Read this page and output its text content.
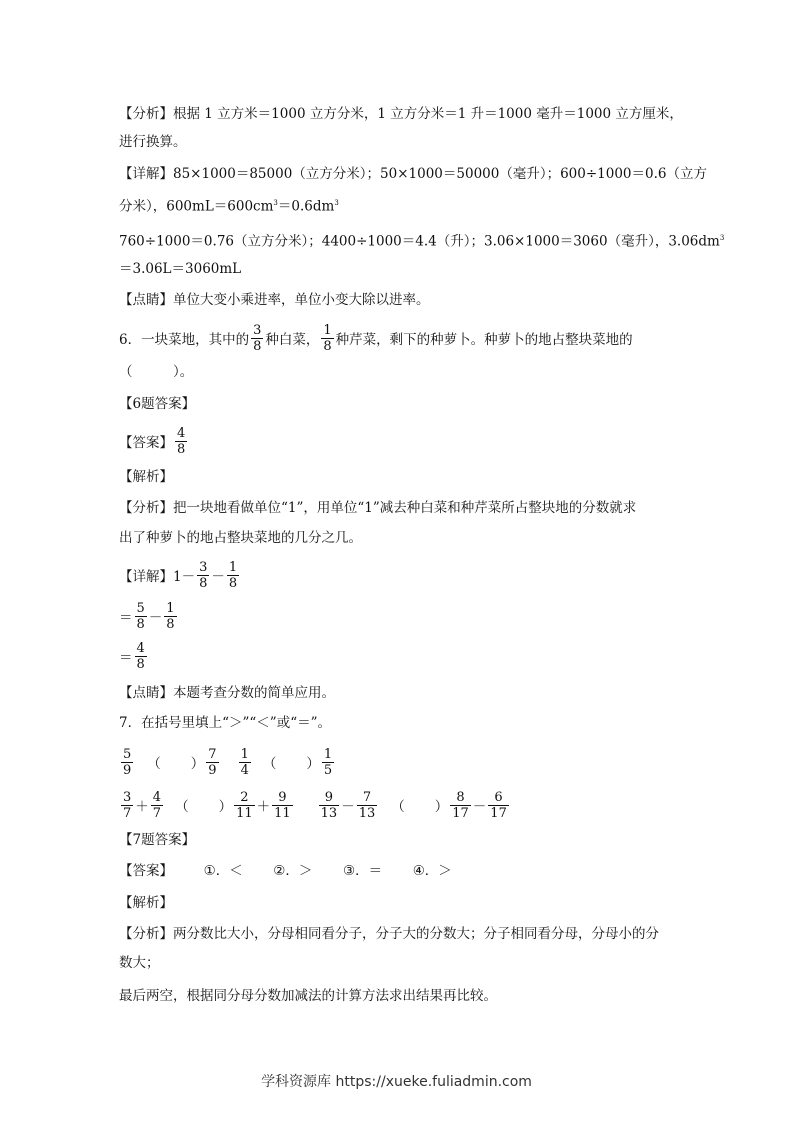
【分析】根据 1 立方米＝1000 立方分米，1 立方分米＝1 升＝1000 毫升＝1000 立方厘米，
进行换算。
【详解】85×1000＝85000（立方分米）；50×1000＝50000（毫升）；600÷1000＝0.6（立方
分米），$600mL=600cm^3=0.6dm^3$
760÷1000＝0.76（立方分米）；4400÷1000＝4.4（升）；3.06×1000＝3060（毫升），$3.06dm^3$
＝3.06L＝3060mL
【点睛】单位大变小乘进率，单位小变大除以进率。
6．一块菜地，其中的 $\frac{3}{8}$ 种白菜， $\frac{1}{8}$ 种芹菜，剩下的种萝卜。种萝卜的地占整块菜地的
（　　　）。
【6题答案】
【答案】 $\frac{4}{8}$
【解析】
【分析】把一块地看做单位“1”，用单位“1”减去种白菜和种芹菜所占整块地的分数就求
出了种萝卜的地占整块菜地的几分之几。
【详解】$1- \frac{3}{8} - \frac{1}{8}$
＝ $\frac{5}{8} - \frac{1}{8}$
＝ $\frac{4}{8}$
【点睛】本题考查分数的简单应用。
7．在括号里填上“＞”“＜”或“＝”。
$\frac{5}{9}$ （ ） $\frac{7}{9} \frac{1}{4}$ （ ） $\frac{1}{5}$
$\frac{3}{7} + \frac{4}{7}$ （ ） $\frac{2}{11} + \frac{9}{11} \frac{9}{13} - \frac{7}{13}$ （ ） $\frac{8}{17} - \frac{6}{17}$
【7题答案】
【答案】 ①．＜ ②．＞ ③．＝ ④．＞
【解析】
【分析】两分数比大小，分母相同看分子，分子大的分数大；分子相同看分母，分母小的分
数大；
最后两空，根据同分母分数加减法的计算方法求出结果再比较。
学科资源库 https://xueke.fuliadmin.com
